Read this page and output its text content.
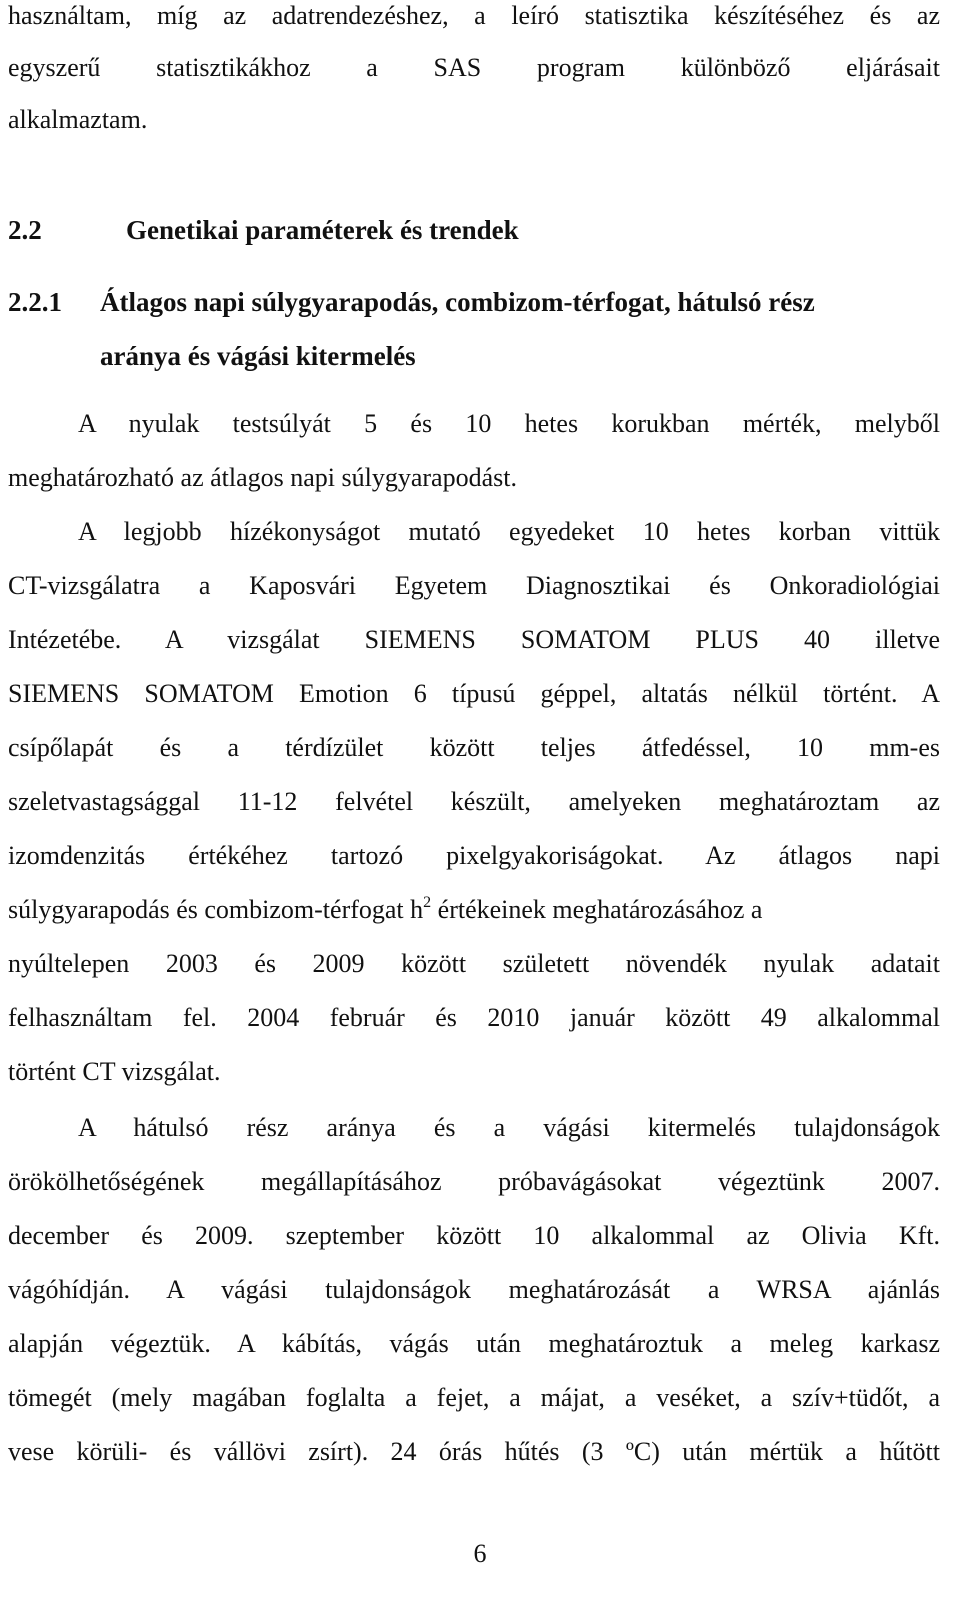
használtam, míg az adatrendezéshez, a leíró statisztika készítéséhez és az
egyszerű statisztikákhoz a SAS program különböző eljárásait
alkalmaztam.
2.2	Genetikai paraméterek és trendek
2.2.1 Átlagos napi súlygyarapodás, combizom-térfogat, hátulsó rész
aránya és vágási kitermelés
A nyulak testsúlyát 5 és 10 hetes korukban mérték, melyből
meghatározható az átlagos napi súlygyarapodást.
A legjobb hízékonyságot mutató egyedeket 10 hetes korban vittük
CT-vizsgálatra a Kaposvári Egyetem Diagnosztikai és Onkoradiológiai
Intézetébe. A vizsgálat SIEMENS SOMATOM PLUS 40 illetve
SIEMENS SOMATOM Emotion 6 típusú géppel, altatás nélkül történt. A
csípőlapát és a térdízület között teljes átfedéssel, 10 mm-es
szeletvastagsággal 11-12 felvétel készült, amelyeken meghatároztam az
izomdenzitás értékéhez tartozó pixelgyakoriságokat. Az átlagos napi
súlygyarapodás és combizom-térfogat $h^2$ értékeinek meghatározásához a
nyúltelepen 2003 és 2009 között született növendék nyulak adatait
felhasználtam fel. 2004 február és 2010 január között 49 alkalommal
történt CT vizsgálat.
A hátulsó rész aránya és a vágási kitermelés tulajdonságok
örökölhetőségének megállapításához próbavágásokat végeztünk 2007.
december és 2009. szeptember között 10 alkalommal az Olivia Kft.
vágóhídján. A vágási tulajdonságok meghatározását a WRSA ajánlás
alapján végeztük. A kábítás, vágás után meghatároztuk a meleg karkasz
tömegét (mely magában foglalta a fejet, a májat, a veséket, a szív+tüdőt, a
vese körüli- és vállövi zsírt). 24 órás hűtés (3 ºC) után mértük a hűtött
6
